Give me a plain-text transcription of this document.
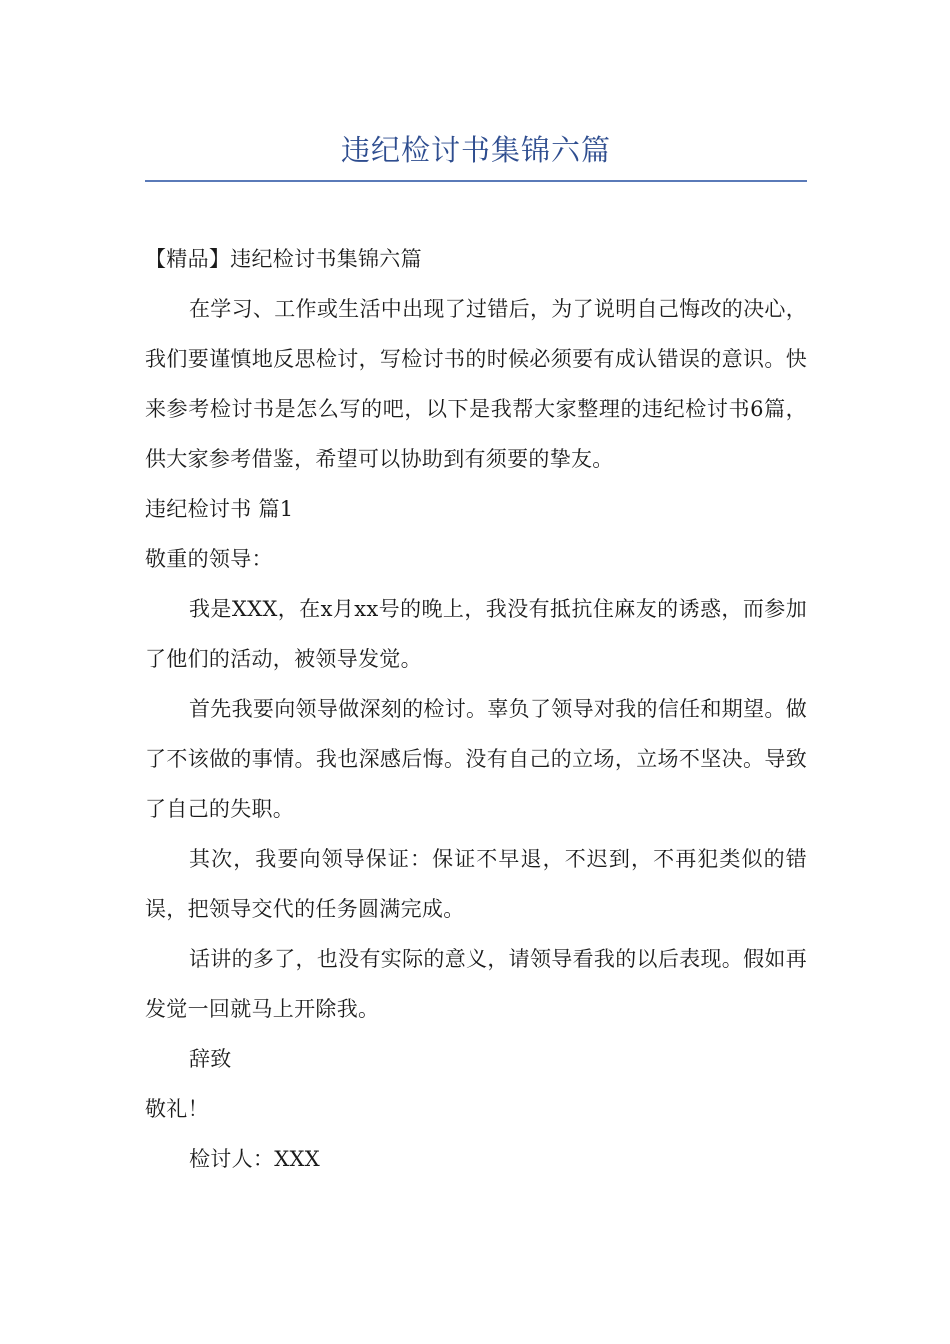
违纪检讨书集锦六篇

【精品】违纪检讨书集锦六篇

在学习、工作或生活中出现了过错后，为了说明自己悔改的决心，我们要谨慎地反思检讨，写检讨书的时候必须要有成认错误的意识。快来参考检讨书是怎么写的吧，以下是我帮大家整理的违纪检讨书6篇，供大家参考借鉴，希望可以协助到有须要的挚友。

违纪检讨书 篇1

敬重的领导：

我是XXX，在x月xx号的晚上，我没有抵抗住麻友的诱惑，而参加了他们的活动，被领导发觉。

首先我要向领导做深刻的检讨。辜负了领导对我的信任和期望。做了不该做的事情。我也深感后悔。没有自己的立场，立场不坚决。导致了自己的失职。

其次，我要向领导保证：保证不早退，不迟到，不再犯类似的错误，把领导交代的任务圆满完成。

话讲的多了，也没有实际的意义，请领导看我的以后表现。假如再发觉一回就马上开除我。

辞致

敬礼！

检讨人：XXX
